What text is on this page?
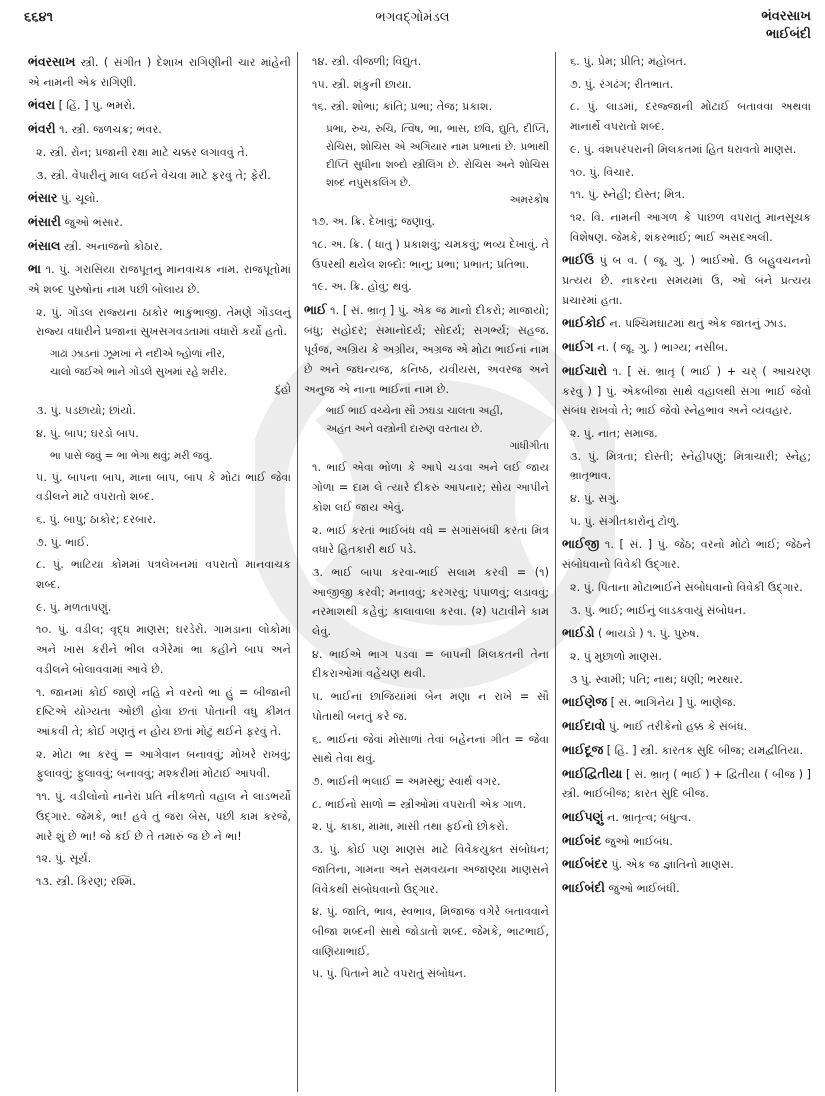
૬૬૪૧	ભગવદ્ગોમંડલ	ભંવરસાખ
ભાઈબંદી
ભંવરસાખ સ્ત્રી. ( સંગીત ) દેશાખ રાગિણીની ચાર માંહેની એ નામની એક રાગિણી.
ભંવરા [ હિં. ] પું. ભમરો.
ભંવરી ૧. સ્ત્રી. જળચક્ર; ભંવર.
૨. સ્ત્રી. રોન; પ્રજાની રક્ષા માટે ચક્કર લગાવવું તે.
૩. સ્ત્રી. વેપારીનું માલ લઈને વેચવા માટે ફરવું તે; ફેરી.
ભંસાર પું. ચૂલો.
ભંસારી જુઓ ભંસાર.
ભંસાલ સ્ત્રી. અનાજનો કોઠાર.
ભા ૧. પું. ગરાસિયા રાજપૂતનું માનવાચક નામ. રાજપૂતોમાં એ શબ્દ પુરુષોનાં નામ પછી બોલાય છે.
૨. પું. ગોંડલ રાજ્યના ઠાકોર ભાકુંભાજી. તેમણે ગોંડલનું રાજ્ય વધારીને પ્રજાનાં સુખસગવડતામાં વધારો કર્યો હતો.
ગાઢાં ઝાડનાં ઝૂમખાં ને નદીએ બ્હોળાં નીર,
ચાલો જઈએ ભાને ગોંડલે સુખમાં રહે શરીર.
દુહો
૩. પું. પડછાયો; છાંયો.
૪. પું. બાપ; ઘરડો બાપ.
ભા પાસે જવું = ભા ભેગા થવું; મરી જવું.
૫. પું. બાપના બાપ, માના બાપ, બાપ કે મોટા ભાઈ જેવા વડીલને માટે વપરાતો શબ્દ.
૬. પું. બાપુ; ઠાકોર; દરબાર.
૭. પું. ભાઈ.
૮. પું. ભાટિયા કોમમાં પત્રલેખનમાં વપરાતો માનવાચક શબ્દ.
૯. પું. મળતાપણું.
૧૦. પું. વડીલ; વૃદ્ધ માણસ; ઘરડેરો. ગામડાના લોકોમાં અને ખાસ કરીને ભીલ વગેરેમાં ભા કહીને બાપ અને વડીલને બોલાવવામાં આવે છે.
૧. જાનમાં કોઈ જાણે નહિ ને વરનો ભા હું = બીજાની દષ્ટિએ યોગ્યતા ઓછી હોવા છતાં પોતાની વધુ કીમત આંકવી તે; કોઈ ગણતું ન હોય છતાં મોટું થઈને ફરવું તે.
૨. મોટા ભા કરવું = આગેવાન બનાવવું; મોખરે રાખવું; ફુલાવવું; ફુલાવવું; બનાવવું; મશ્કરીમાં મોટાઈ આપવી.
૧૧. પું. વડીલોનો નાનેરાં પ્રતિ નીકળતો વહાલ ને લાડભર્યો ઉદ્ગાર. જેમકે, ભા! હવે તું જરા બેસ, પછી કામ કરજે, મારે શું છે ભા! જે કંઈ છે તે તમારું જ છે ને ભા!
૧૨. પું. સૂર્ય.
૧૩. સ્ત્રી. કિરણ; રશ્મિ.
૧૪. સ્ત્રી. વીજળી; વિદ્યુત.
૧૫. સ્ત્રી. શંકુની છાયા.
૧૬. સ્ત્રી. શોભા; કાંતિ; પ્રભા; તેજ; પ્રકાશ.
પ્રભા, રુચ, રુચિ, ત્વિષ, ભા, ભાસ, છવિ, દ્યુતિ, દીપ્તિ, રોચિસ, શોચિસ એ અગિયાર નામ પ્રભાનાં છે. પ્રભાથી દીપ્તિ સુધીના શબ્દો સ્ત્રીલિંગ છે. રોચિસ અને શોચિસ શબ્દ નપુંસકલિંગ છે.
અમરકોષ
૧૭. અ. ક્રિ. દેખાવું; જણાવું.
૧૮. અ. ક્રિ. ( ધાતુ ) પ્રકાશવું; ચમકવું; ભવ્ય દેખાવું. તે ઉપરથી થયેલ શબ્દો: ભાનુ; પ્રભા; પ્રભાત; પ્રતિભા.
૧૯. અ. ક્રિ. હોવું; થવું.
ભાઈ ૧. [ સં. ભ્રાતૃ ] પું. એક જ માનો દીકરો; માજાયો; બંધુ; સહોદર; સમાનોદર્ય; સોદર્ય; સગર્ભ્ય; સહજ. પૂર્વજ, અગ્રિય કે અગ્રીય, અગ્રજ એ મોટા ભાઈનાં નામ છે અને જઘન્યજ, કનિષ્ઠ, યવીયસ, અવરજ અને અનુજ એ નાના ભાઈનાં નામ છે.
ભાઈ ભાઈ વચ્ચેના સૌ ઝઘડા ચાલતા અહીં,
અહંત અને વસ્ત્રોની દારુણ વરતાય છે.
ગાંધીગીતા
૧. ભાઈ એવા ભોળા કે આપે ચડવા અને લઈ જાય ગોળા = દામ લે ત્યારે દીકરું આપનાર; સોય આપીને કોશ લઈ જાય એવું.
૨. ભાઈ કરતાં ભાઈબંધ વધે = સગાંસંબંધી કરતાં મિત્ર વધારે હિતકારી થઈ પડે.
૩. ભાઈ બાપા કરવા-ભાઈ સલામ કરવી = (૧) આજીજી કરવી; મનાવવું; કરગરવું; પંપાળવું; લડાવવું; નરમાશથી કહેવું; કાલાવાલા કરવા. (૨) પટાવીને કામ લેવું.
૪. ભાઈએ ભાગ પડવા = બાપની મિલકતની તેના દીકરાઓમાં વહેંચણ થવી.
૫. ભાઈનાં છાજિયાંમાં બેન મણા ન રાખે = સૌ પોતાથી બનતું કરે જ.
૬. ભાઈનાં જેવાં મોસાળાં તેવાં બહેનનાં ગીત = જેવા સાથે તેવા થવું.
૭. ભાઈની ભલાઈ = અમસ્થું; સ્વાર્થ વગર.
૮. ભાઈનો સાળો = સ્ત્રીઓમાં વપરાતી એક ગાળ.
૨. પું. કાકા, મામા, માસી તથા ફઈનો છોકરો.
૩. પું. કોઈ પણ માણસ માટે વિવેકયુક્ત સંબોધન; જાતિના, ગામના અને સમવયના અજાણ્યા માણસને વિવેકથી સંબોધવાનો ઉદ્ગાર.
૪. પું. જાતિ, ભાવ, સ્વભાવ, મિજાજ વગેરે બતાવવાને બીજા શબ્દની સાથે જોડાતો શબ્દ. જેમકે, ભાટભાઈ, વાણિયાભાઈ.
૫. પું. પિતાને માટે વપરાતું સંબોધન.
૬. પું. પ્રેમ; પ્રીતિ; મહોબત.
૭. પું. રંગઢંગ; રીતભાત.
૮. પું. લાડમાં, દરજ્જાની મોટાઈ બતાવવા અથવા માનાર્થે વપરાતો શબ્દ.
૯. પું. વંશપરંપરાની મિલકતમાં હિત ધરાવતો માણસ.
૧૦. પું. વિચાર.
૧૧. પું. સ્નેહી; દોસ્ત; મિત્ર.
૧૨. વિ. નામની આગળ કે પાછળ વપરાતું માનસૂચક વિશેષણ. જેમકે, શંકરભાઈ; ભાઈ અસદઅલી.
ભાઈઉ પું બ વ. ( જૂ. ગુ. ) ભાઈઓ. ઉ બહુવચનનો પ્રત્યય છે. નાકરના સમયમાં ઉ, ઓ બંને પ્રત્યય પ્રચારમાં હતા.
ભાઈકોઈ ન. પશ્ચિમઘાટમાં થતું એક જાતનું ઝાડ.
ભાઈગ ન. ( જૂ. ગુ. ) ભાગ્ય; નસીબ.
ભાઈચારો ૧. [ સં. ભ્રાતૃ ( ભાઈ ) + ચર્ ( આચરણ કરવું ) ] પું. એકબીજા સાથે વહાલથી સગા ભાઈ જેવો સંબંધ રાખવો તે; ભાઈ જેવો સ્નેહભાવ અને વ્યવહાર.
૨. પું. નાત; સમાજ.
૩. પું. મિત્રતા; દોસ્તી; સ્નેહીપણું; મિત્રાચારી; સ્નેહ; ભ્રાતૃભાવ.
૪. પું. સગું.
૫. પું. સંગીતકારોનું ટોળું.
ભાઈજી ૧. [ સં. ] પું. જેઠ; વરનો મોટો ભાઈ; જેઠને સંબોધવાનો વિવેકી ઉદ્ગાર.
૨. પું. પિતાના મોટાભાઈને સંબોધવાનો વિવેકી ઉદ્ગાર.
૩. પું. ભાઈ; ભાઈનું લાડકવાયું સંબોધન.
ભાઈડો ( ભાયડો ) ૧. પું. પુરુષ.
૨. પું મુછાળો માણસ.
૩ પું. સ્વામી; પતિ; નાથ; ધણી; ભરથાર.
ભાઈણેજ [ સં. ભાગિનેય ] પું. ભાણેજ.
ભાઈદાવો પું. ભાઈ તરીકેનો હક્ક કે સંબંધ.
ભાઈદૂજ [ હિં. ] સ્ત્રી. કારતક સુદિ બીજ; યમદ્વીતિયા.
ભાઈદ્વિતીયા [ સં. ભ્રાતૃ ( ભાઈ ) + દ્વિતીયા ( બીજ ) ] સ્ત્રી. ભાઈબીજ; કારત સુદિ બીજ.
ભાઈપણું ન. ભ્રાતૃત્વ; બંધુત્વ.
ભાઈબંદ જુઓ ભાઈબંધ.
ભાઈબંદર પું. એક જ જ્ઞાતિનો માણસ.
ભાઈબંદી જુઓ ભાઈબંધી.
